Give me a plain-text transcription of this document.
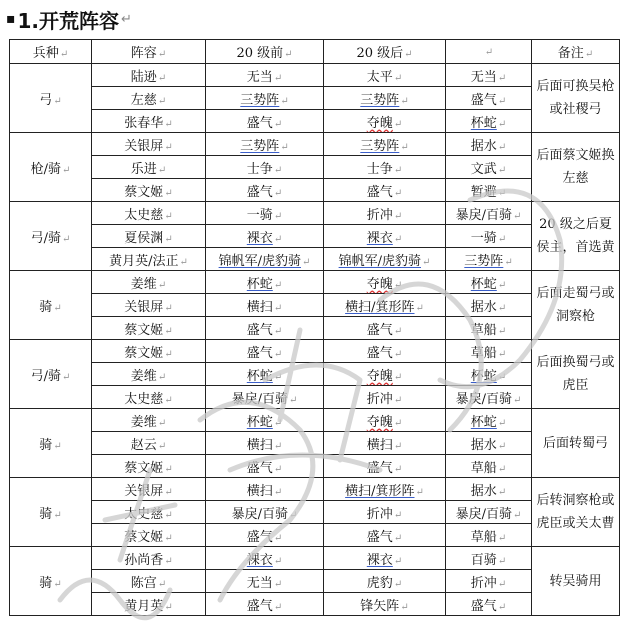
▪ 1.开荒阵容 ↵
兵种↵	阵容↵	20 级前↵	20 级后↵	↵	备注↵
弓↵	陆逊↵	无当↵	太平↵	无当↵	后面可换吴枪或社稷弓
	左慈↵	三势阵↵	三势阵↵	盛气↵	
	张春华↵	盛气↵	夺魄↵	杯蛇↵	
枪/骑↵	关银屏↵	三势阵↵	三势阵↵	据水↵	后面蔡文姬换左慈
	乐进↵	士争↵	士争↵	文武↵	
	蔡文姬↵	盛气↵	盛气↵	暂避↵	
弓/骑↵	太史慈↵	一骑↵	折冲↵	暴戾/百骑↵	20 级之后夏侯主，首选黄
	夏侯渊↵	裸衣↵	裸衣↵	一骑↵	
	黄月英/法正↵	锦帆军/虎豹骑↵	锦帆军/虎豹骑↵	三势阵↵	
骑↵	姜维↵	杯蛇↵	夺魄↵	杯蛇↵	后面走蜀弓或洞察枪
	关银屏↵	横扫↵	横扫/箕形阵↵	据水↵	
	蔡文姬↵	盛气↵	盛气↵	草船↵	
弓/骑↵	蔡文姬↵	盛气↵	盛气↵	草船↵	后面换蜀弓或虎臣
	姜维↵	杯蛇↵	夺魄↵	杯蛇↵	
	太史慈↵	暴戾/百骑↵	折冲↵	暴戾/百骑↵	
骑↵	姜维↵	杯蛇↵	夺魄↵	杯蛇↵	后面转蜀弓
	赵云↵	横扫↵	横扫↵	据水↵	
	蔡文姬↵	盛气↵	盛气↵	草船↵	
骑↵	关银屏↵	横扫↵	横扫/箕形阵↵	据水↵	后转洞察枪或虎臣或关太曹
	太史慈↵	暴戾/百骑↵	折冲↵	暴戾/百骑↵	
	蔡文姬↵	盛气↵	盛气↵	草船↵	
骑↵	孙尚香↵	裸衣↵	裸衣↵	百骑↵	转吴骑用
	陈宫↵	无当↵	虎豹↵	折冲↵	
	黄月英↵	盛气↵	锋矢阵↵	盛气↵	
